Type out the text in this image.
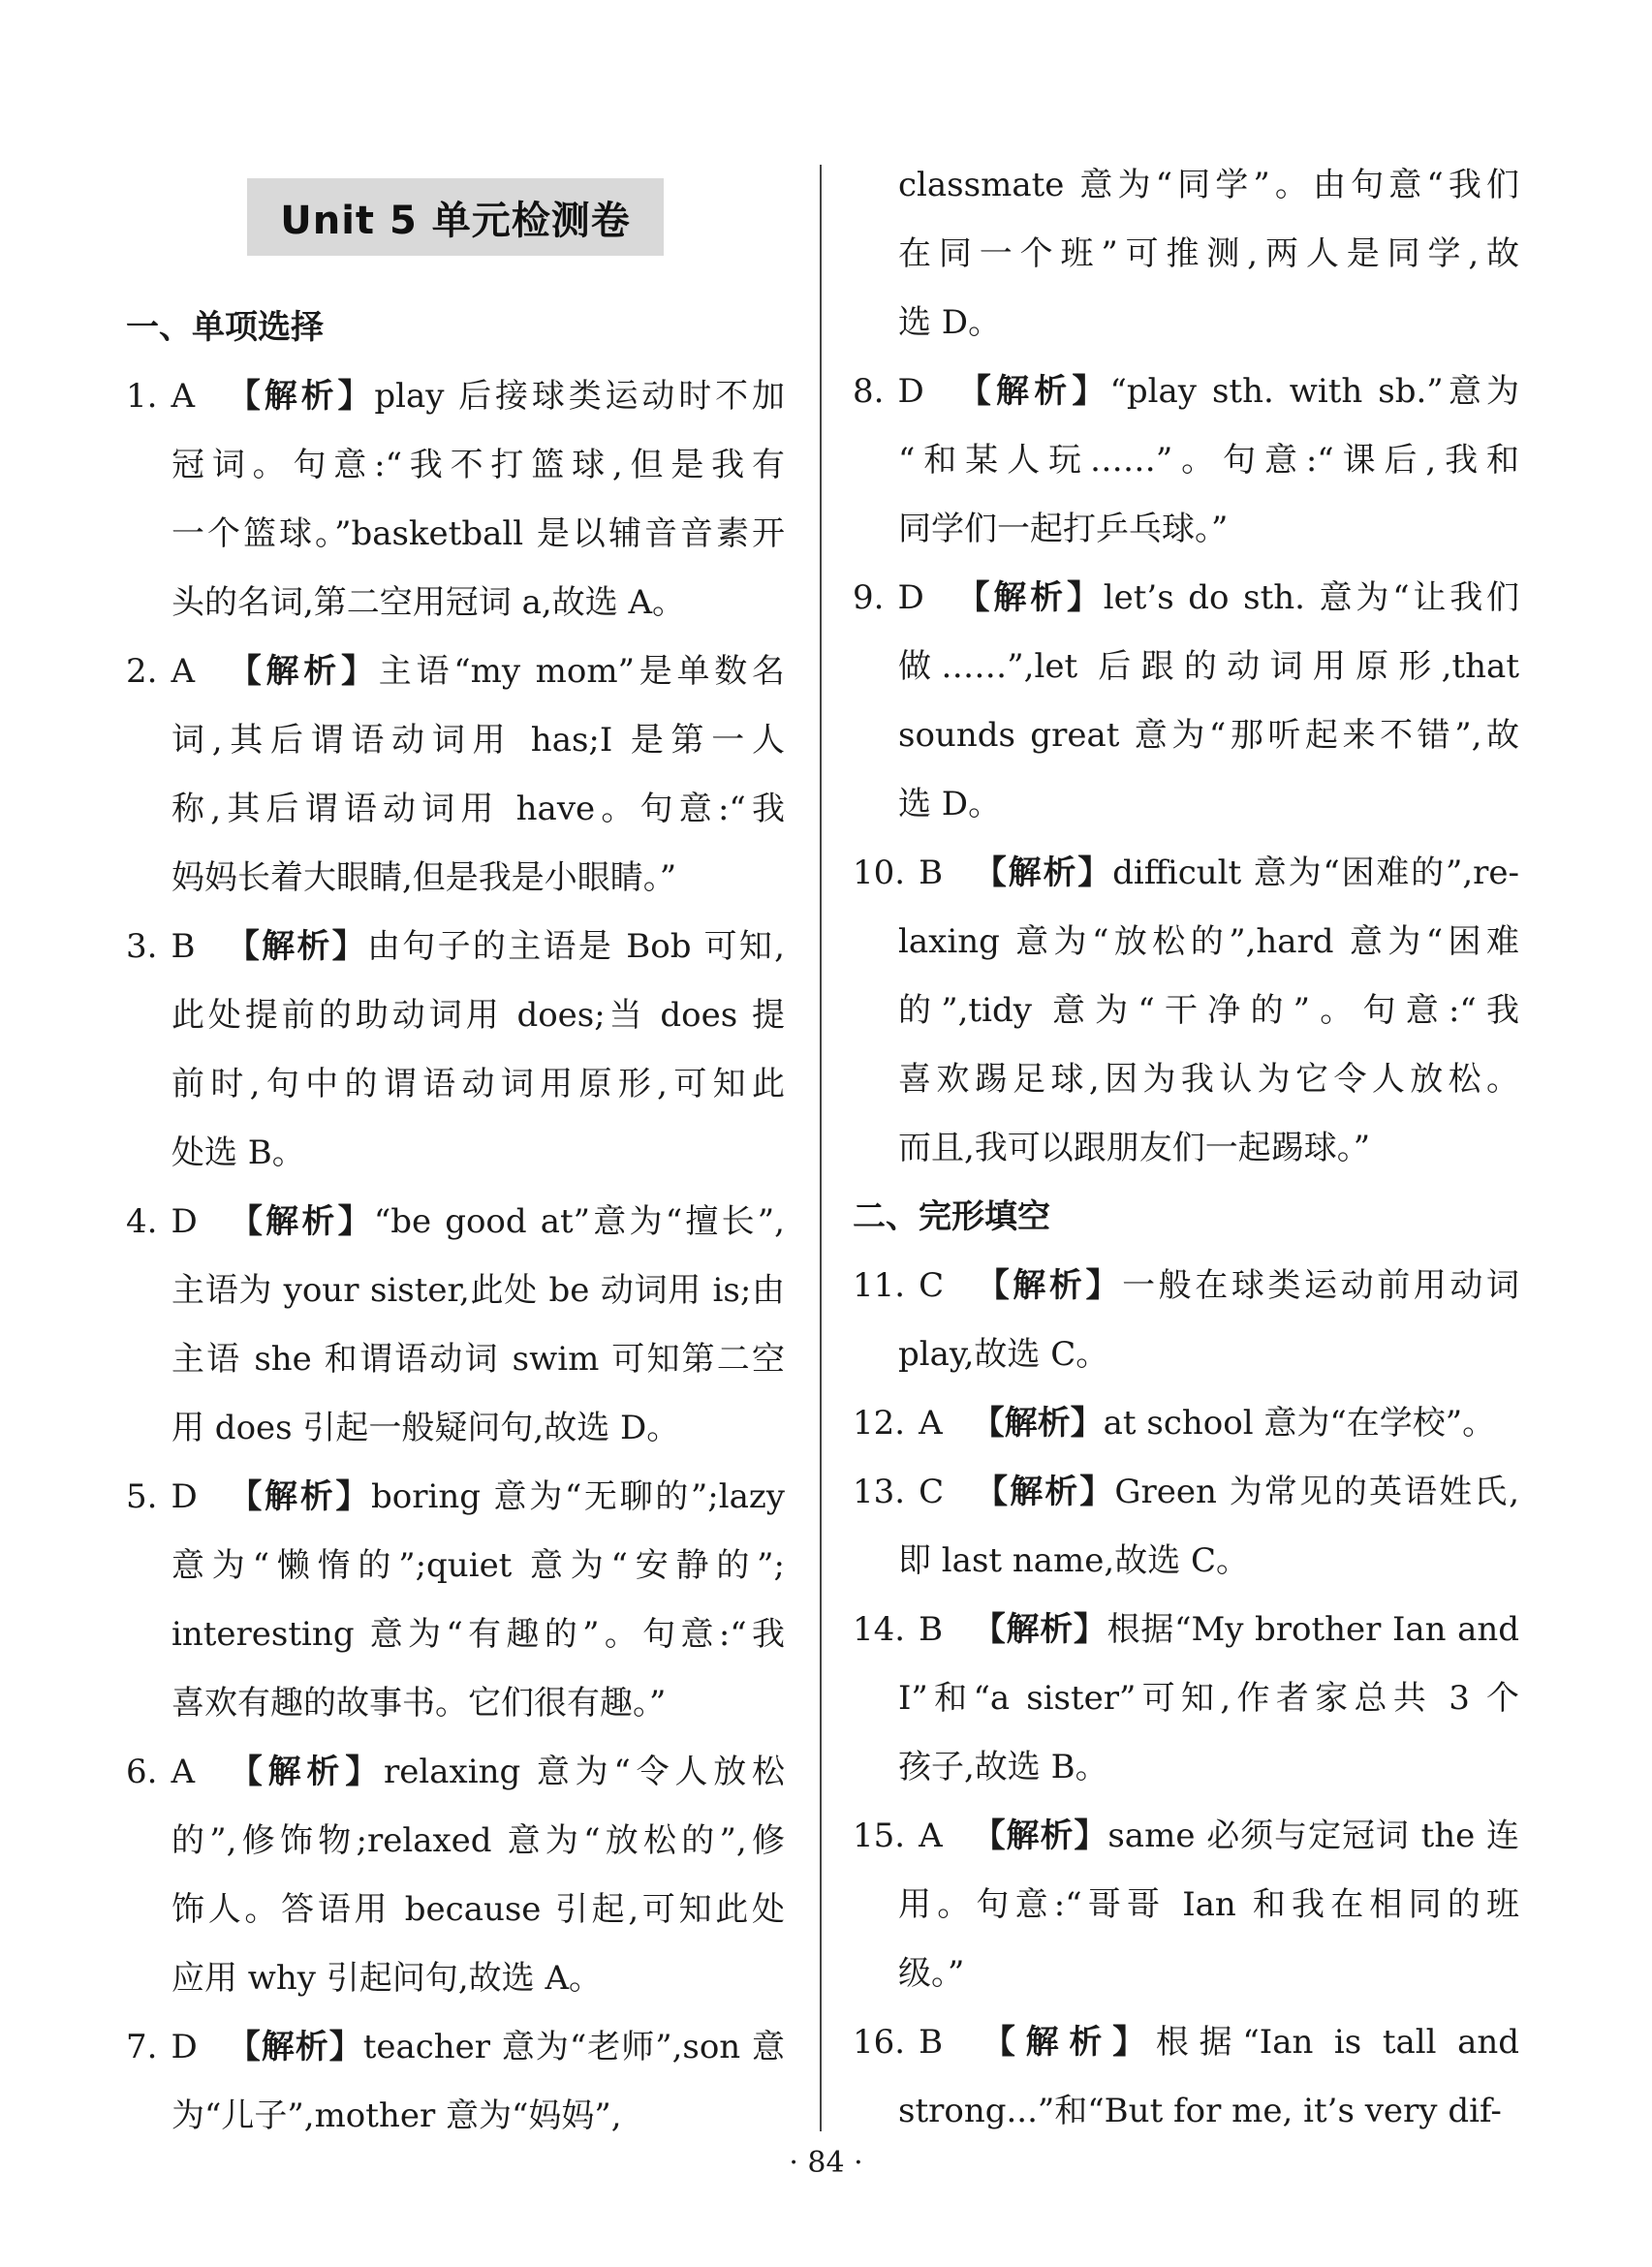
Unit 5 单元检测卷
一、单项选择
1. A 【解析】play 后接球类运动时不加
冠词。句意:“我不打篮球,但是我有
一个篮球。”basketball 是以辅音音素开
头的名词,第二空用冠词 a,故选 A。
2. A 【解析】主语“my mom”是单数名
词,其后谓语动词用 has;I 是第一人
称,其后谓语动词用 have。句意:“我
妈妈长着大眼睛,但是我是小眼睛。”
3. B 【解析】由句子的主语是 Bob 可知,
此处提前的助动词用 does;当 does 提
前时,句中的谓语动词用原形,可知此
处选 B。
4. D 【解析】“be good at”意为“擅长”,
主语为 your sister,此处 be 动词用 is;由
主语 she 和谓语动词 swim 可知第二空
用 does 引起一般疑问句,故选 D。
5. D 【解析】boring 意为“无聊的”;lazy
意为“懒惰的”;quiet 意为“安静的”;
interesting 意为“有趣的”。句意:“我
喜欢有趣的故事书。它们很有趣。”
6. A 【解析】relaxing 意为“令人放松
的”,修饰物;relaxed 意为“放松的”,修
饰人。答语用 because 引起,可知此处
应用 why 引起问句,故选 A。
7. D 【解析】teacher 意为“老师”,son 意
为“儿子”,mother 意为“妈妈”,
classmate 意为“同学”。由句意“我们
在同一个班”可推测,两人是同学,故
选 D。
8. D 【解析】“play sth. with sb.”意为
“和某人玩……”。句意:“课后,我和
同学们一起打乒乓球。”
9. D 【解析】let’s do sth. 意为“让我们
做……”,let 后跟的动词用原形,that
sounds great 意为“那听起来不错”,故
选 D。
10. B 【解析】difficult 意为“困难的”,re-
laxing 意为“放松的”,hard 意为“困难
的”,tidy 意为“干净的”。句意:“我
喜欢踢足球,因为我认为它令人放松。
而且,我可以跟朋友们一起踢球。”
二、完形填空
11. C 【解析】一般在球类运动前用动词
play,故选 C。
12. A 【解析】at school 意为“在学校”。
13. C 【解析】Green 为常见的英语姓氏,
即 last name,故选 C。
14. B 【解析】根据“My brother Ian and
I”和“a sister”可知,作者家总共 3 个
孩子,故选 B。
15. A 【解析】same 必须与定冠词 the 连
用。句意:“哥哥 Ian 和我在相同的班
级。”
16. B 【解析】根据“Ian is tall and
strong...”和“But for me, it’s very dif-
· 84 ·
